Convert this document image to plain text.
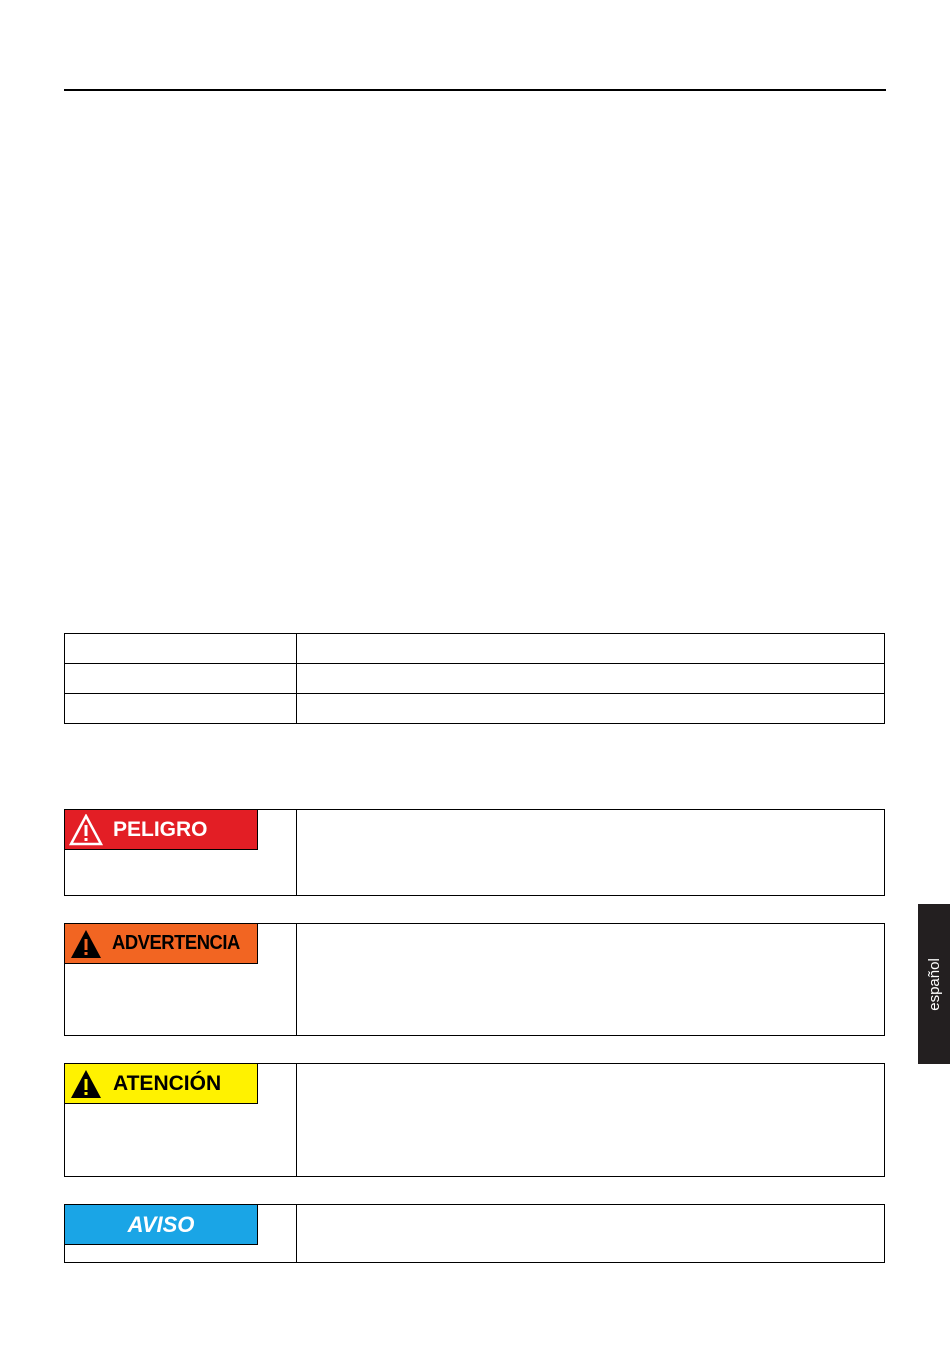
PELIGRO
ADVERTENCIA
ATENCIÓN
AVISO
español
